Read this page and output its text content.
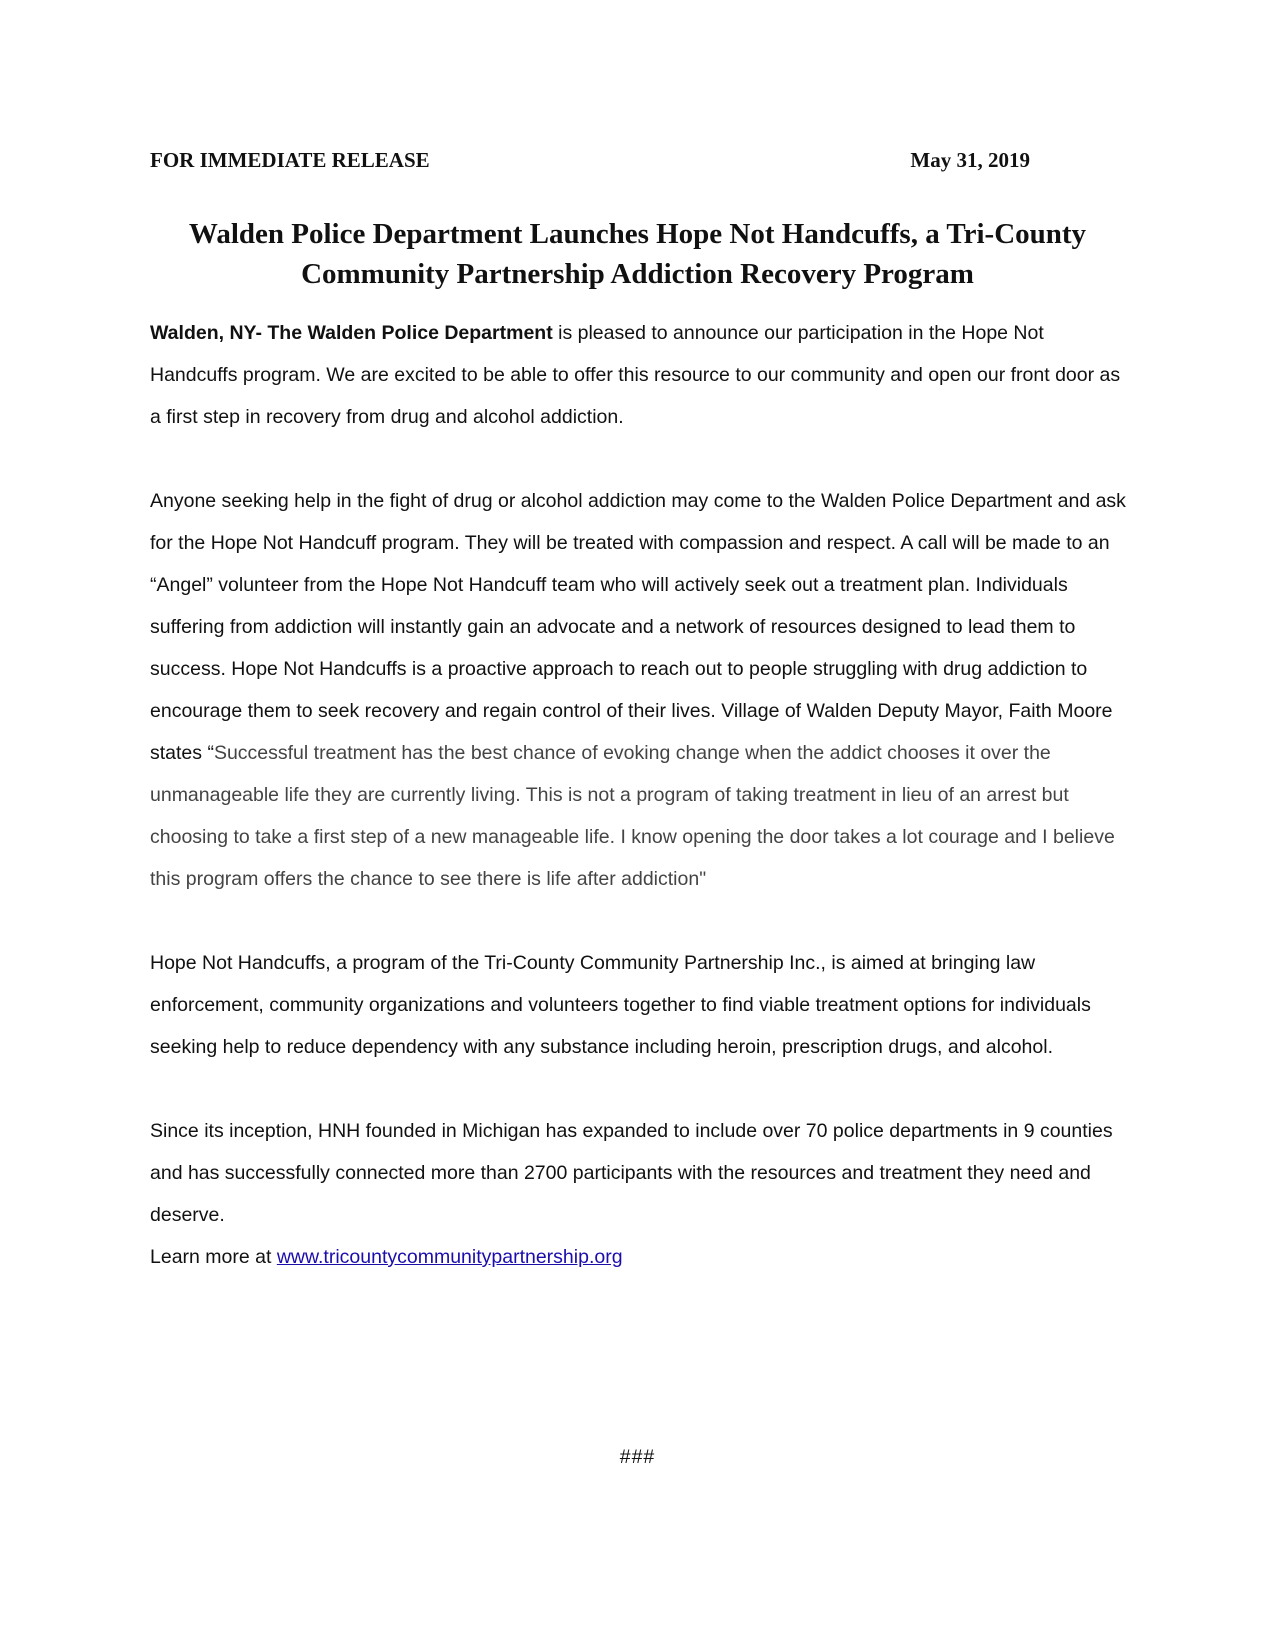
FOR IMMEDIATE RELEASE	May 31, 2019
Walden Police Department Launches Hope Not Handcuffs, a Tri-County Community Partnership Addiction Recovery Program

Walden, NY- The Walden Police Department is pleased to announce our participation in the Hope Not Handcuffs program. We are excited to be able to offer this resource to our community and open our front door as a first step in recovery from drug and alcohol addiction.

Anyone seeking help in the fight of drug or alcohol addiction may come to the Walden Police Department and ask for the Hope Not Handcuff program. They will be treated with compassion and respect. A call will be made to an “Angel” volunteer from the Hope Not Handcuff team who will actively seek out a treatment plan. Individuals suffering from addiction will instantly gain an advocate and a network of resources designed to lead them to success. Hope Not Handcuffs is a proactive approach to reach out to people struggling with drug addiction to encourage them to seek recovery and regain control of their lives. Village of Walden Deputy Mayor, Faith Moore states “Successful treatment has the best chance of evoking change when the addict chooses it over the unmanageable life they are currently living. This is not a program of taking treatment in lieu of an arrest but choosing to take a first step of a new manageable life. I know opening the door takes a lot courage and I believe this program offers the chance to see there is life after addiction"

Hope Not Handcuffs, a program of the Tri-County Community Partnership Inc., is aimed at bringing law enforcement, community organizations and volunteers together to find viable treatment options for individuals seeking help to reduce dependency with any substance including heroin, prescription drugs, and alcohol.

Since its inception, HNH founded in Michigan has expanded to include over 70 police departments in 9 counties and has successfully connected more than 2700 participants with the resources and treatment they need and deserve.

Learn more at www.tricountycommunitypartnership.org

###
